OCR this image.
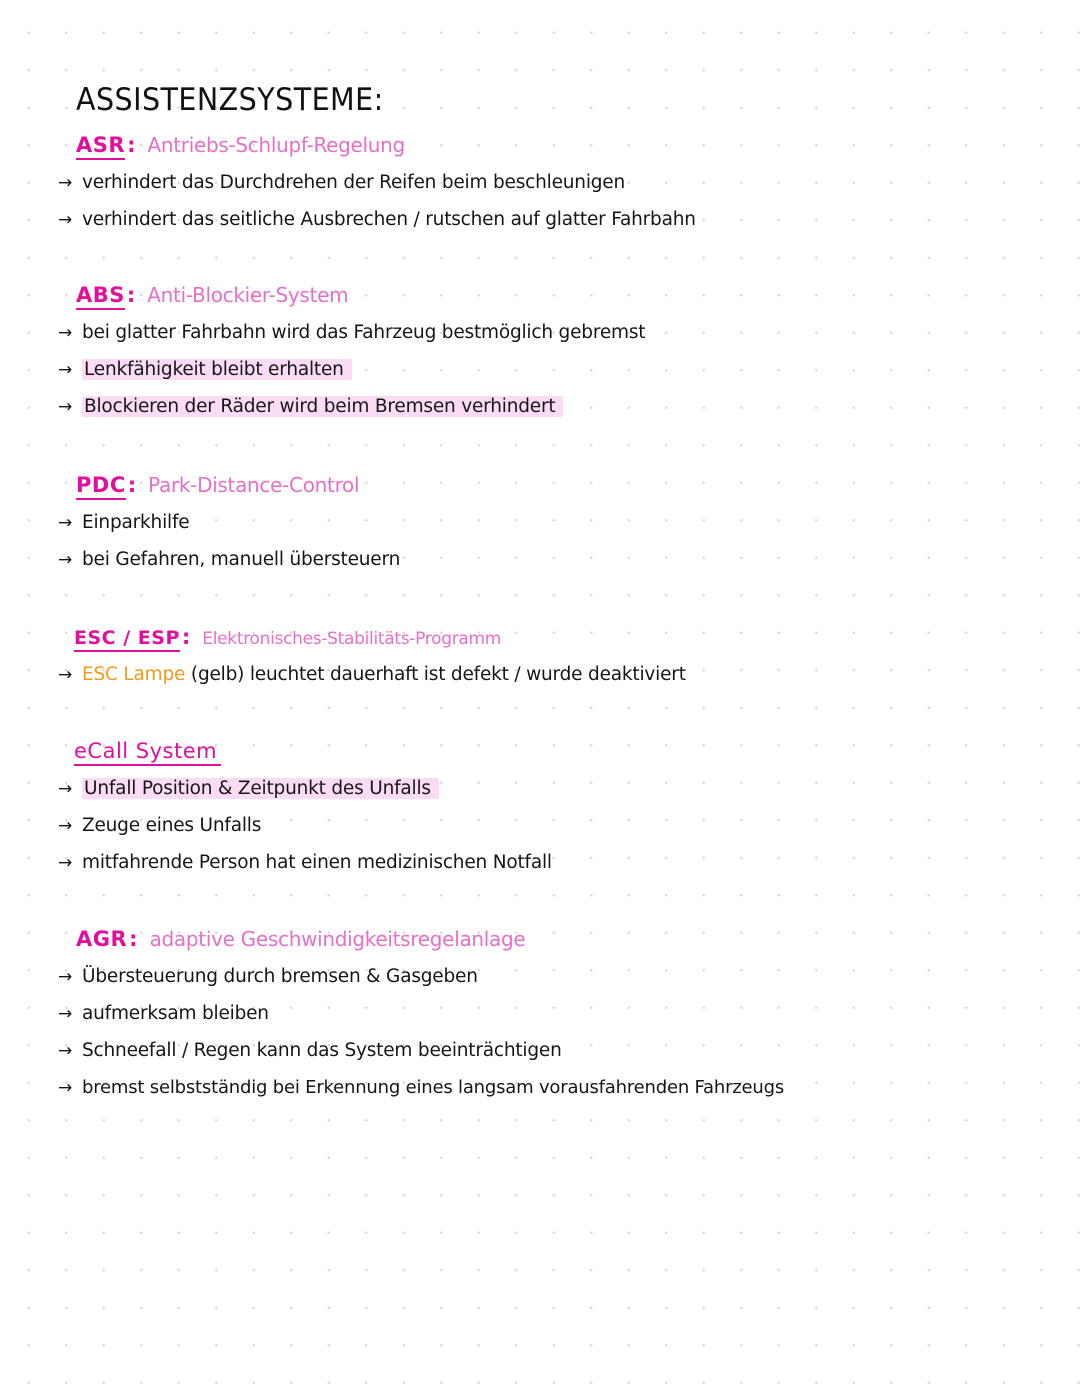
ASSISTENZSYSTEME:
ASR: Antriebs-Schlupf-Regelung
→ verhindert das Durchdrehen der Reifen beim beschleunigen
→ verhindert das seitliche Ausbrechen / rutschen auf glatter Fahrbahn
ABS: Anti-Blockier-System
→ bei glatter Fahrbahn wird das Fahrzeug bestmöglich gebremst
→ Lenkfähigkeit bleibt erhalten
→ Blockieren der Räder wird beim Bremsen verhindert
PDC: Park-Distance-Control
→ Einparkhilfe
→ bei Gefahren, manuell übersteuern
ESC / ESP: Elektronisches-Stabilitäts-Programm
→ ESC Lampe (gelb) leuchtet dauerhaft ist defekt / wurde deaktiviert
eCall System
→ Unfall Position & Zeitpunkt des Unfalls
→ Zeuge eines Unfalls
→ mitfahrende Person hat einen medizinischen Notfall
AGR: adaptive Geschwindigkeitsregelanlage
→ Übersteuerung durch bremsen & Gasgeben
→ aufmerksam bleiben
→ Schneefall / Regen kann das System beeinträchtigen
→ bremst selbstständig bei Erkennung eines langsam vorausfahrenden Fahrzeugs
